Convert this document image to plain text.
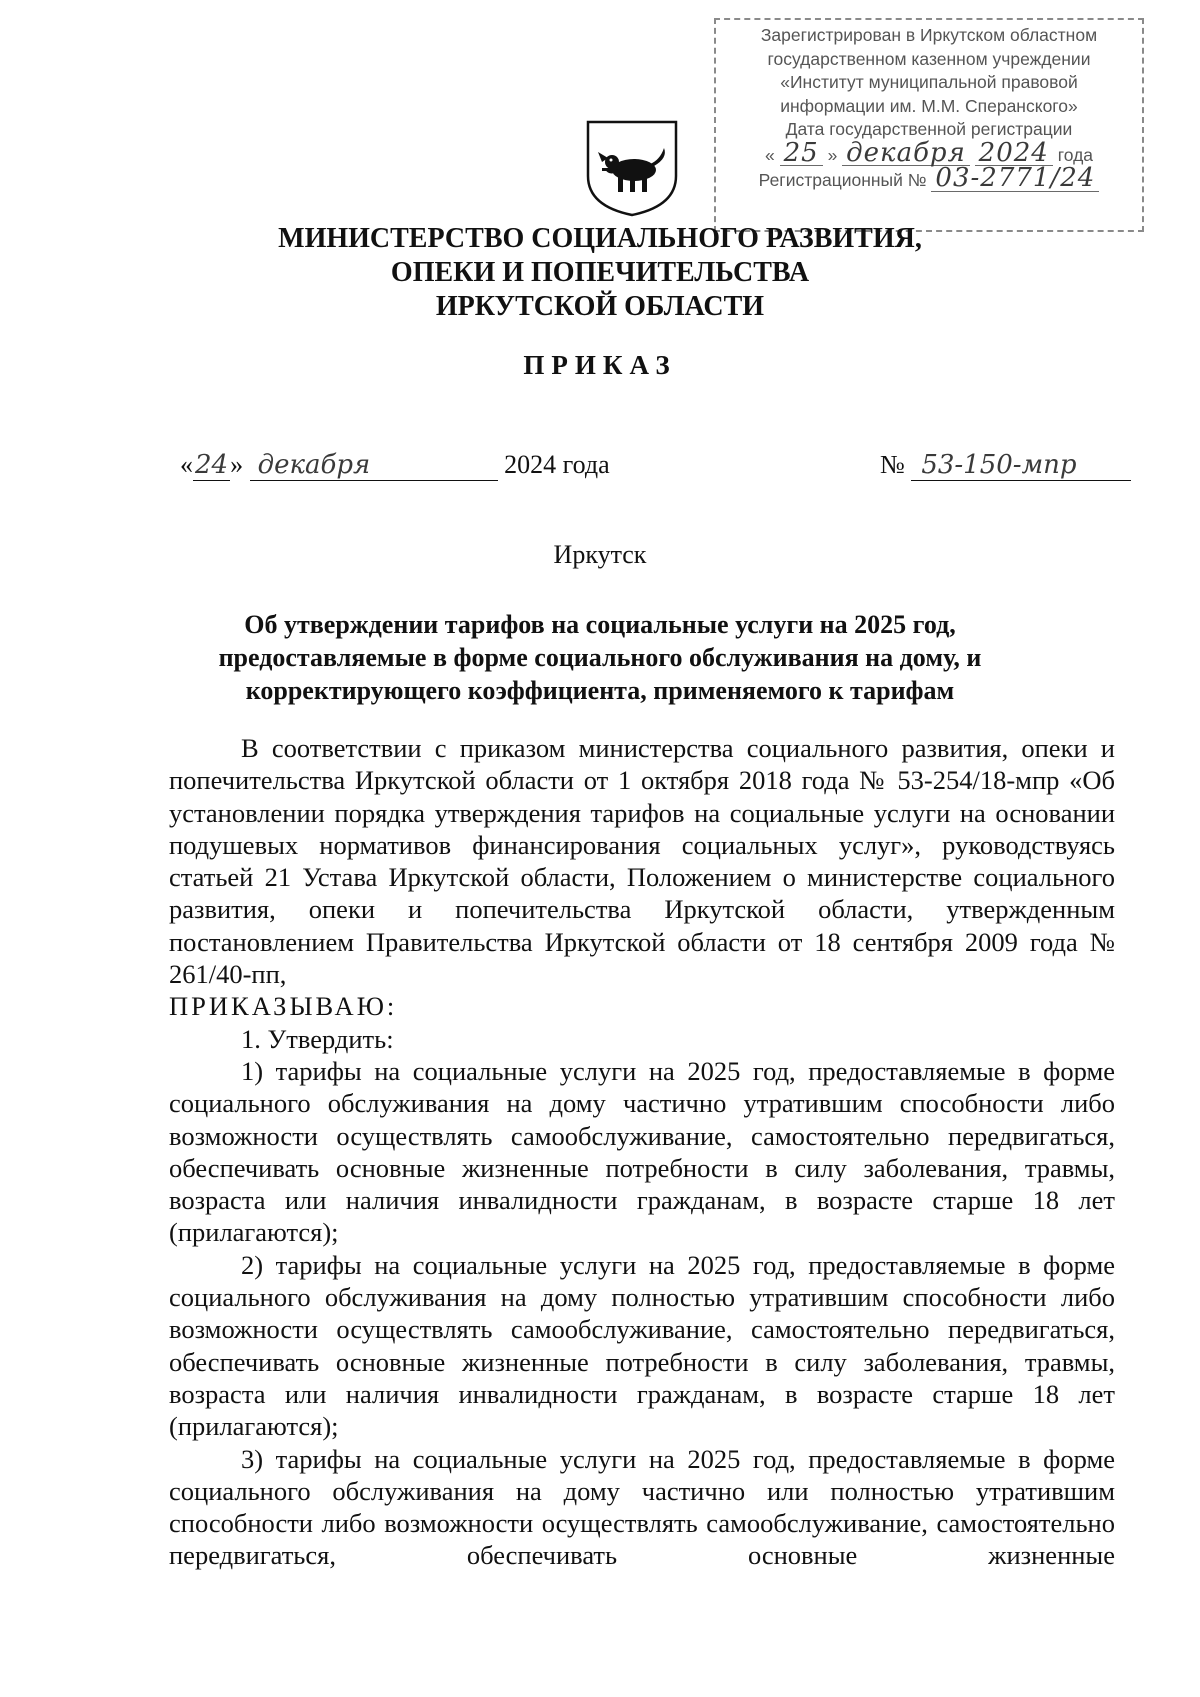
Зарегистрирован в Иркутском областном
государственном казенном учреждении
«Институт муниципальной правовой
информации им. М.М. Сперанского»
Дата государственной регистрации
« 25 » декабря 2024 года
Регистрационный № 03-2771/24
МИНИСТЕРСТВО СОЦИАЛЬНОГО РАЗВИТИЯ,
ОПЕКИ И ПОПЕЧИТЕЛЬСТВА
ИРКУТСКОЙ ОБЛАСТИ
ПРИКАЗ
«24» декабря	2024 года	№ 53-150-мпр
Иркутск
Об утверждении тарифов на социальные услуги на 2025 год,
предоставляемые в форме социального обслуживания на дому, и
корректирующего коэффициента, применяемого к тарифам

В соответствии с приказом министерства социального развития, опеки и попечительства Иркутской области от 1 октября 2018 года № 53-254/18-мпр «Об установлении порядка утверждения тарифов на социальные услуги на основании подушевых нормативов финансирования социальных услуг», руководствуясь статьей 21 Устава Иркутской области, Положением о министерстве социального развития, опеки и попечительства Иркутской области, утвержденным постановлением Правительства Иркутской области от 18 сентября 2009 года № 261/40-пп,

ПРИКАЗЫВАЮ:

1. Утвердить:

1) тарифы на социальные услуги на 2025 год, предоставляемые в форме социального обслуживания на дому частично утратившим способности либо возможности осуществлять самообслуживание, самостоятельно передвигаться, обеспечивать основные жизненные потребности в силу заболевания, травмы, возраста или наличия инвалидности гражданам, в возрасте старше 18 лет (прилагаются);

2) тарифы на социальные услуги на 2025 год, предоставляемые в форме социального обслуживания на дому полностью утратившим способности либо возможности осуществлять самообслуживание, самостоятельно передвигаться, обеспечивать основные жизненные потребности в силу заболевания, травмы, возраста или наличия инвалидности гражданам, в возрасте старше 18 лет (прилагаются);

3) тарифы на социальные услуги на 2025 год, предоставляемые в форме социального обслуживания на дому частично или полностью утратившим способности либо возможности осуществлять самообслуживание, самостоятельно передвигаться, обеспечивать основные жизненные
